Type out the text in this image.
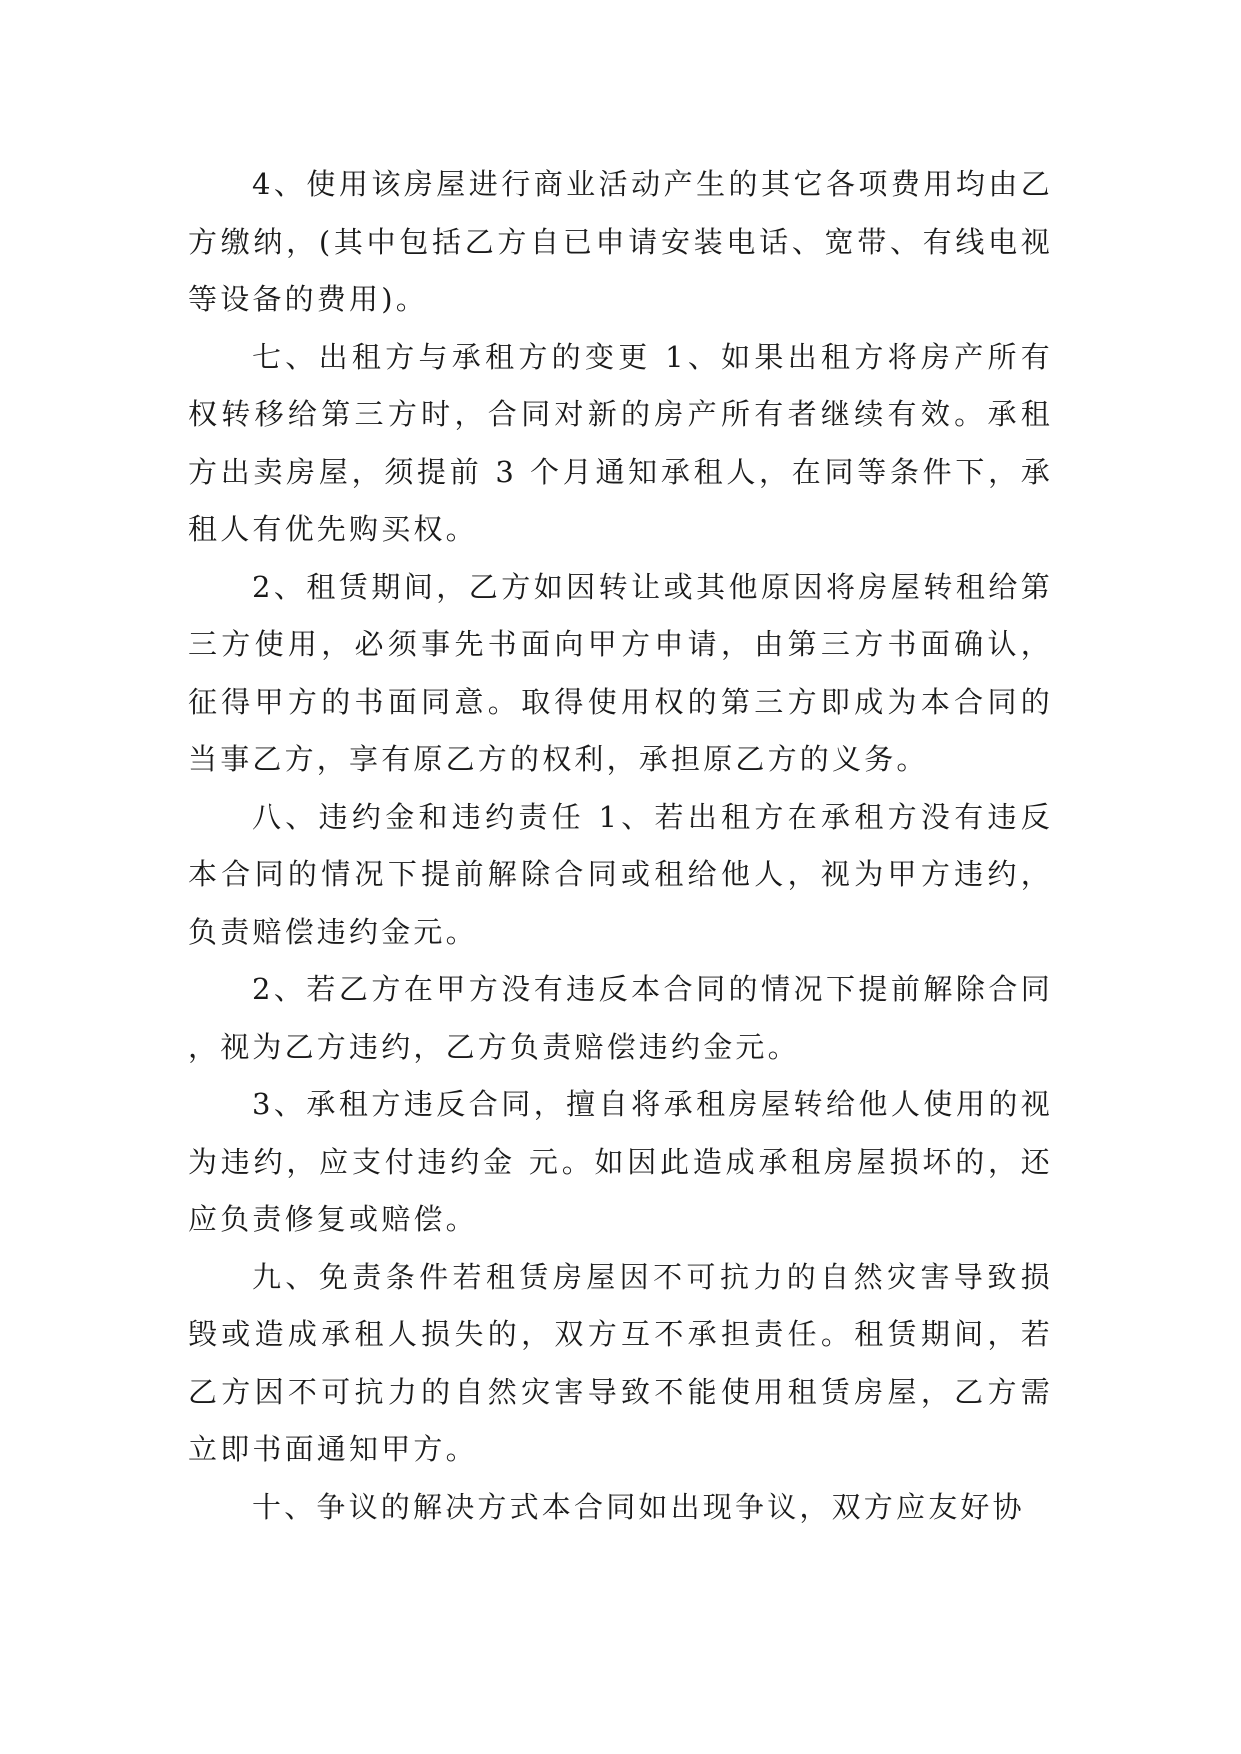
4、使用该房屋进行商业活动产生的其它各项费用均由乙方缴纳，(其中包括乙方自已申请安装电话、宽带、有线电视等设备的费用)。

七、出租方与承租方的变更 1、如果出租方将房产所有权转移给第三方时，合同对新的房产所有者继续有效。承租方出卖房屋，须提前 3 个月通知承租人，在同等条件下，承租人有优先购买权。

2、租赁期间，乙方如因转让或其他原因将房屋转租给第三方使用，必须事先书面向甲方申请，由第三方书面确认，征得甲方的书面同意。取得使用权的第三方即成为本合同的当事乙方，享有原乙方的权利，承担原乙方的义务。

八、违约金和违约责任 1、若出租方在承租方没有违反本合同的情况下提前解除合同或租给他人，视为甲方违约，负责赔偿违约金元。

2、若乙方在甲方没有违反本合同的情况下提前解除合同，视为乙方违约，乙方负责赔偿违约金元。

3、承租方违反合同，擅自将承租房屋转给他人使用的视为违约，应支付违约金 元。如因此造成承租房屋损坏的，还应负责修复或赔偿。

九、免责条件若租赁房屋因不可抗力的自然灾害导致损毁或造成承租人损失的，双方互不承担责任。租赁期间，若乙方因不可抗力的自然灾害导致不能使用租赁房屋，乙方需立即书面通知甲方。

十、争议的解决方式本合同如出现争议，双方应友好协
